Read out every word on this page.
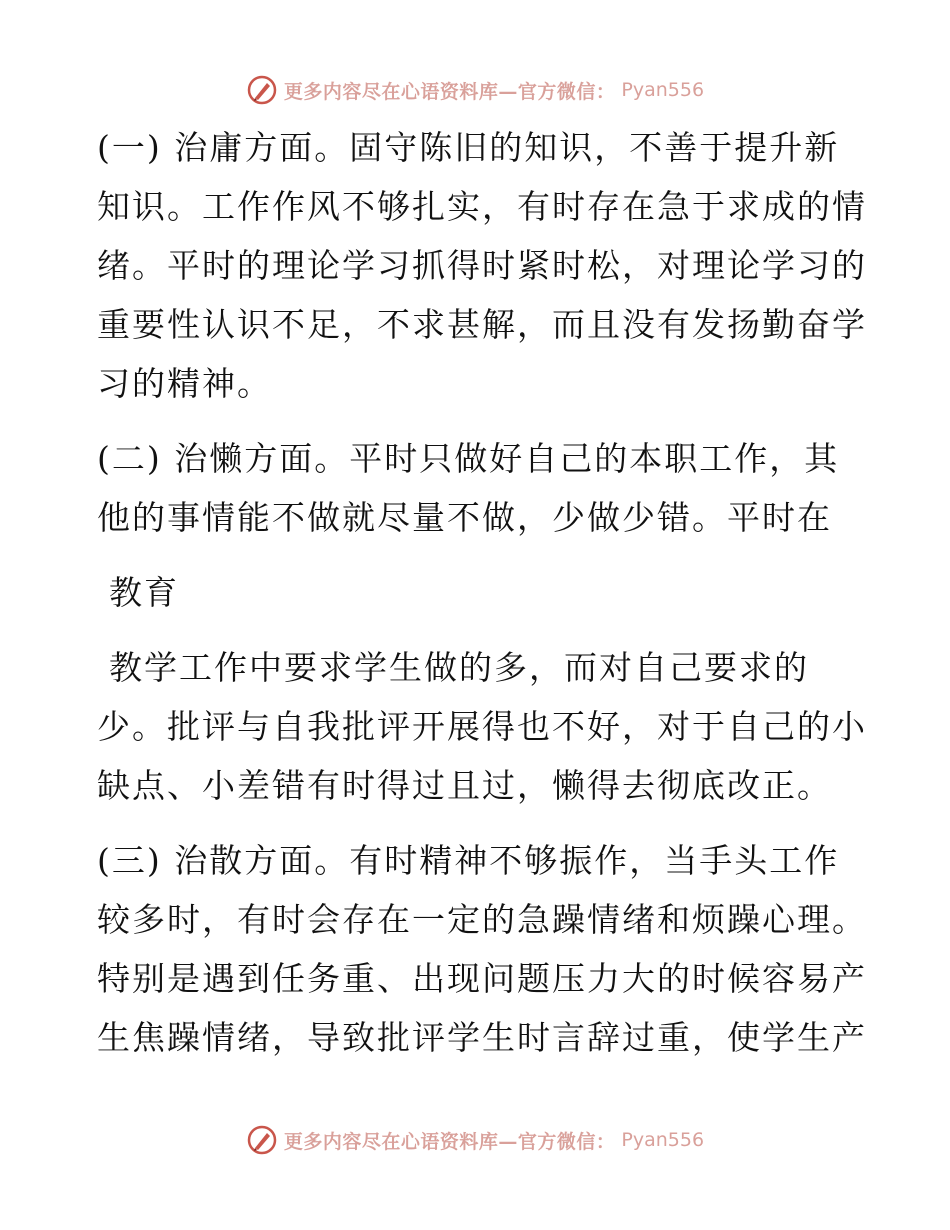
更多内容尽在心语资料库—官方微信： Pyan556
(一) 治庸方面。固守陈旧的知识，不善于提升新
知识。工作作风不够扎实，有时存在急于求成的情
绪。平时的理论学习抓得时紧时松，对理论学习的
重要性认识不足，不求甚解，而且没有发扬勤奋学
习的精神。
(二) 治懒方面。平时只做好自己的本职工作，其
他的事情能不做就尽量不做，少做少错。平时在
教育
教学工作中要求学生做的多，而对自己要求的
少。批评与自我批评开展得也不好，对于自己的小
缺点、小差错有时得过且过，懒得去彻底改正。
(三) 治散方面。有时精神不够振作，当手头工作
较多时，有时会存在一定的急躁情绪和烦躁心理。
特别是遇到任务重、出现问题压力大的时候容易产
生焦躁情绪，导致批评学生时言辞过重，使学生产
更多内容尽在心语资料库—官方微信： Pyan556
